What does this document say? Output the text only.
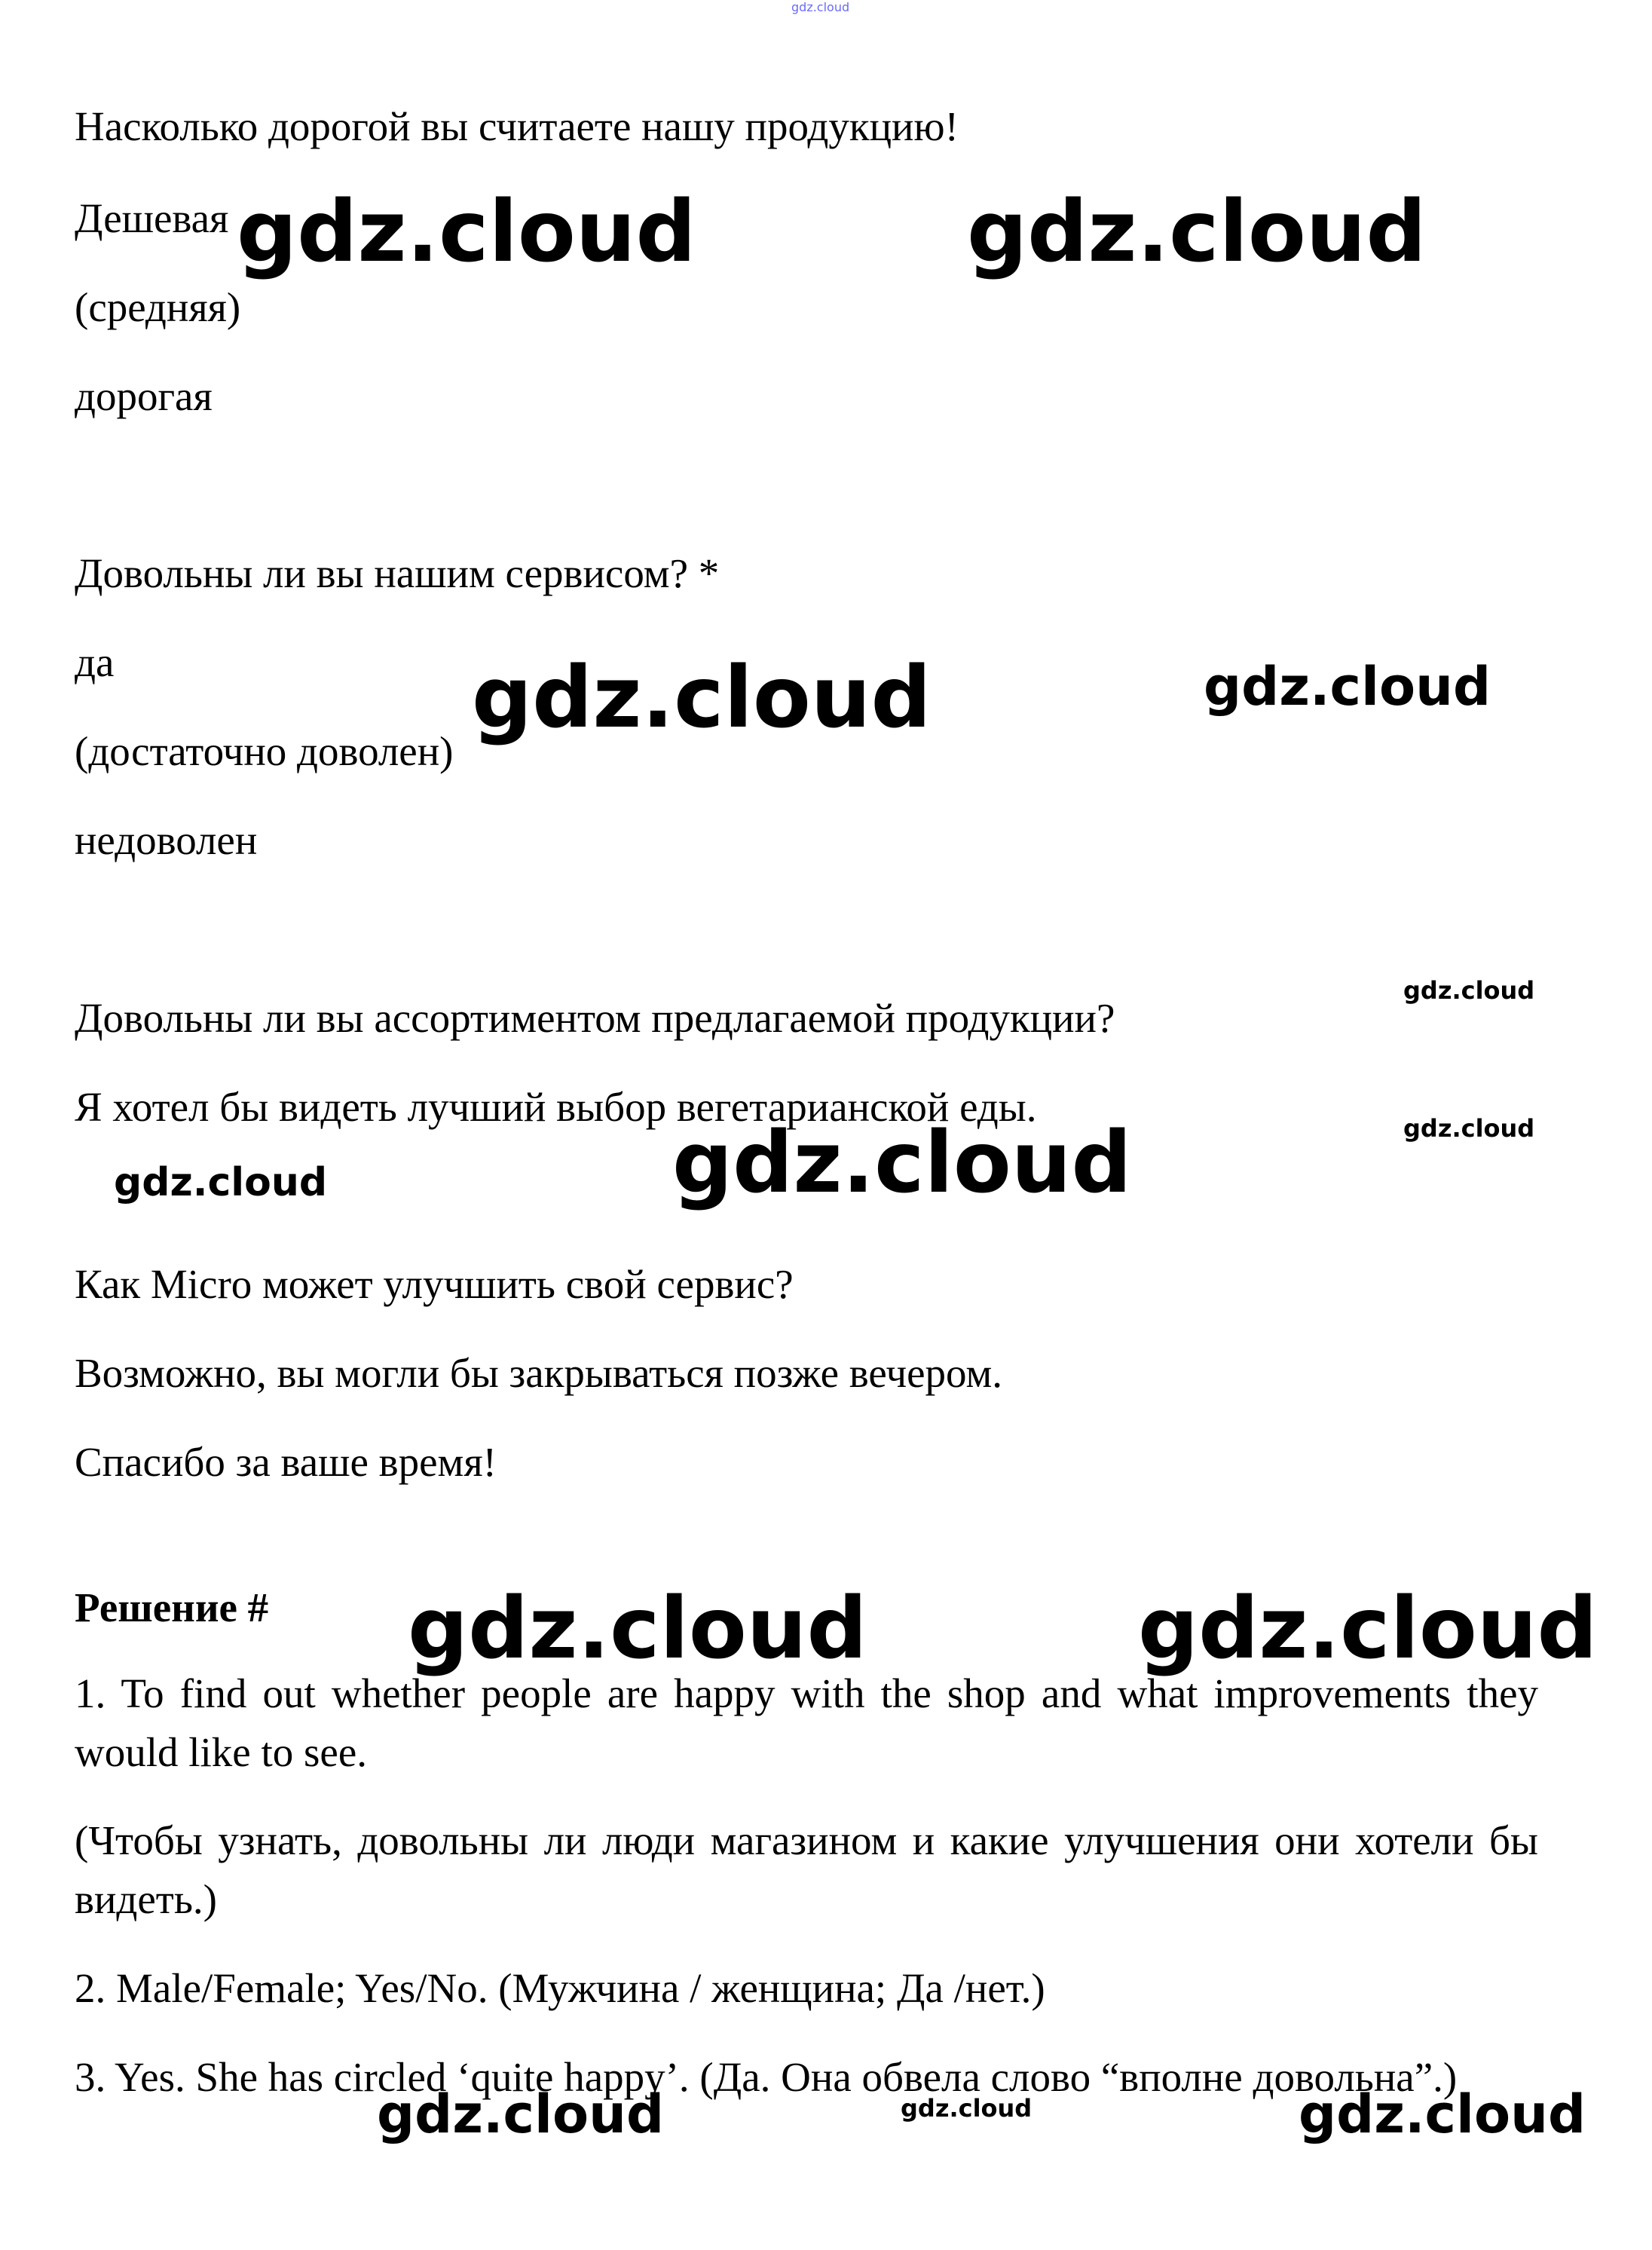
gdz.cloud
Насколько дорогой вы считаете нашу продукцию!
Дешевая
(средняя)
дорогая
Довольны ли вы нашим сервисом? *
да
(достаточно доволен)
недоволен
Довольны ли вы ассортиментом предлагаемой продукции?
Я хотел бы видеть лучший выбор вегетарианской еды.
Как Micro может улучшить свой сервис?
Возможно, вы могли бы закрываться позже вечером.
Спасибо за ваше время!
Решение #
1. To find out whether people are happy with the shop and what improvements they would like to see.
(Чтобы узнать, довольны ли люди магазином и какие улучшения они хотели бы видеть.)
2. Male/Female; Yes/No. (Мужчина / женщина; Да /нет.)
3. Yes. She has circled ‘quite happy’. (Да. Она обвела слово “вполне довольна”.)
gdz.cloud	gdz.cloud
gdz.cloud	gdz.cloud
gdz.cloud
gdz.cloud
gdz.cloud	gdz.cloud
gdz.cloud	gdz.cloud
gdz.cloud	gdz.cloud	gdz.cloud
